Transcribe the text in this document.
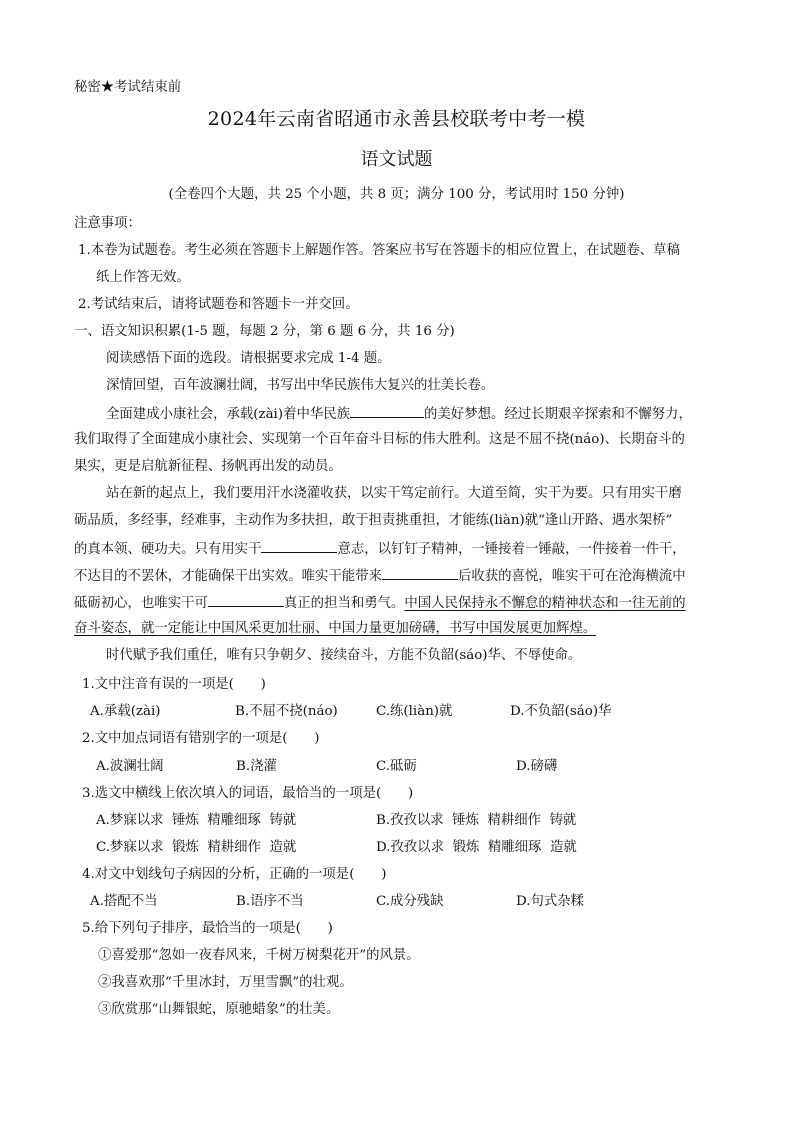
秘密★考试结束前
2024年云南省昭通市永善县校联考中考一模
语文试题
(全卷四个大题，共 25 个小题，共 8 页；满分 100 分，考试用时 150 分钟)
注意事项：
1.本卷为试题卷。考生必须在答题卡上解题作答。答案应书写在答题卡的相应位置上，在试题卷、草稿
纸上作答无效。
2.考试结束后，请将试题卷和答题卡一并交回。
一、语文知识积累(1-5 题，每题 2 分，第 6 题 6 分，共 16 分)
阅读感悟下面的选段。请根据要求完成 1-4 题。
深情回望，百年波澜壮阔，书写出中华民族伟大复兴的壮美长卷。
全面建成小康社会，承载(zài)着中华民族	的美好梦想。经过长期艰辛探索和不懈努力，
我们取得了全面建成小康社会、实现第一个百年奋斗目标的伟大胜利。这是不屈不挠(náo)、长期奋斗的
果实，更是启航新征程、扬帆再出发的动员。
站在新的起点上，我们要用汗水浇灌收获，以实干笃定前行。大道至简，实干为要。只有用实干磨
砺品质，多经事，经难事，主动作为多扶担，敢于担责挑重担，才能练(liàn)就“逢山开路、遇水架桥”
的真本领、硬功夫。只有用实干	意志，以钉钉子精神，一锤接着一锤敲，一件接着一件干，
不达目的不罢休，才能确保干出实效。唯实干能带来	后收获的喜悦，唯实干可在沧海横流中
砥砺初心，也唯实干可	真正的担当和勇气。中国人民保持永不懈怠的精神状态和一往无前的
奋斗姿态，就一定能让中国风采更加壮丽、中国力量更加磅礴，书写中国发展更加辉煌。
时代赋予我们重任，唯有只争朝夕、接续奋斗，方能不负韶(sáo)华、不辱使命。
1.文中注音有误的一项是(　　)
A.承载(zài)	B.不屈不挠(náo)	C.练(liàn)就	D.不负韶(sáo)华
2.文中加点词语有错别字的一项是(　　)
A.波澜壮阔	B.浇灌	C.砥砺	D.磅礴
3.选文中横线上依次填入的词语，最恰当的一项是(　　)
A.梦寐以求  锤炼  精雕细琢  铸就	B.孜孜以求  锤炼  精耕细作  铸就
C.梦寐以求  锻炼  精耕细作  造就	D.孜孜以求  锻炼  精雕细琢  造就
4.对文中划线句子病因的分析，正确的一项是(　　)
A.搭配不当	B.语序不当	C.成分残缺	D.句式杂糅
5.给下列句子排序，最恰当的一项是(　　)
①喜爱那“忽如一夜春风来，千树万树梨花开”的风景。
②我喜欢那“千里冰封，万里雪飘”的壮观。
③欣赏那“山舞银蛇，原驰蜡象”的壮美。
